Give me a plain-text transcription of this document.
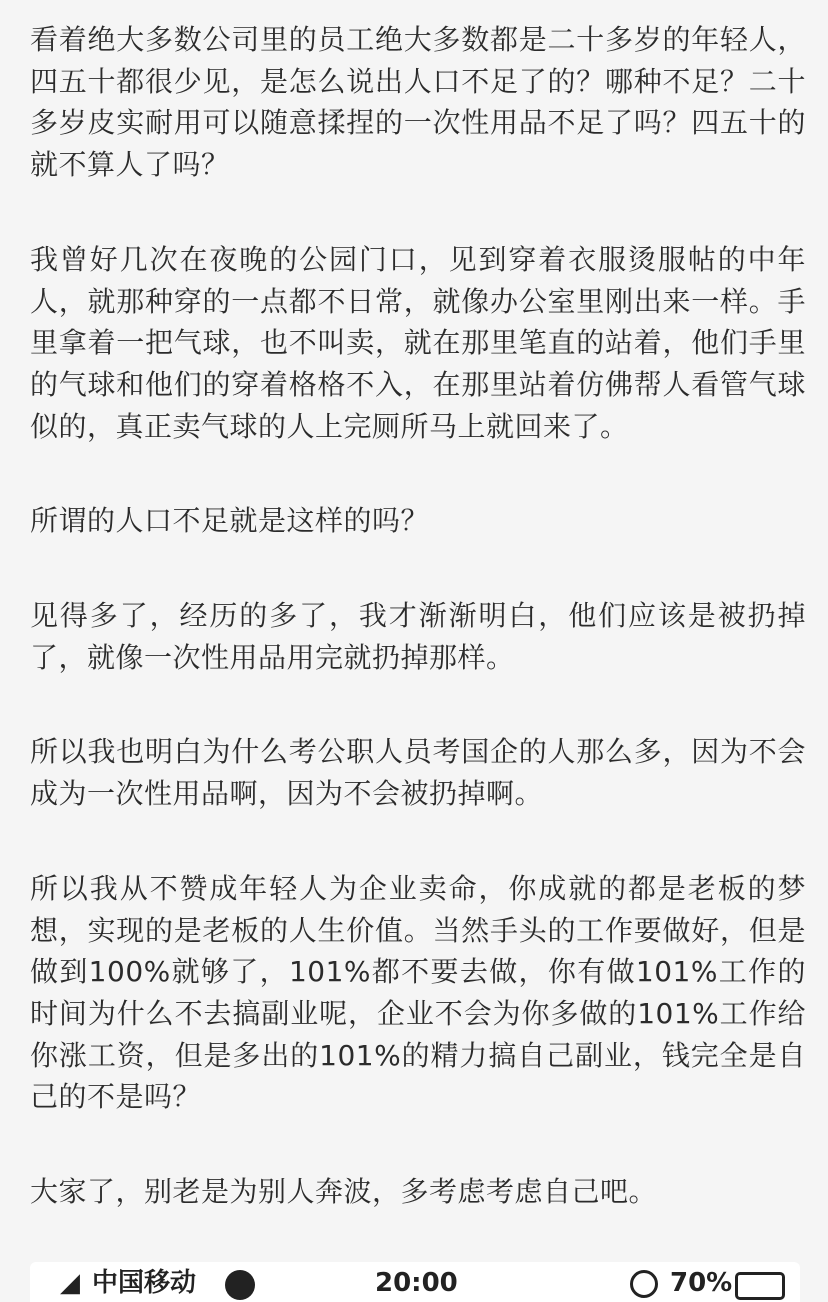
看着绝大多数公司里的员工绝大多数都是二十多岁的年轻人，四五十都很少见，是怎么说出人口不足了的？哪种不足？二十多岁皮实耐用可以随意揉捏的一次性用品不足了吗？四五十的就不算人了吗？

我曾好几次在夜晚的公园门口，见到穿着衣服烫服帖的中年人，就那种穿的一点都不日常，就像办公室里刚出来一样。手里拿着一把气球，也不叫卖，就在那里笔直的站着，他们手里的气球和他们的穿着格格不入，在那里站着仿佛帮人看管气球似的，真正卖气球的人上完厕所马上就回来了。

所谓的人口不足就是这样的吗？

见得多了，经历的多了，我才渐渐明白，他们应该是被扔掉了，就像一次性用品用完就扔掉那样。

所以我也明白为什么考公职人员考国企的人那么多，因为不会成为一次性用品啊，因为不会被扔掉啊。

所以我从不赞成年轻人为企业卖命，你成就的都是老板的梦想，实现的是老板的人生价值。当然手头的工作要做好，但是做到100%就够了，101%都不要去做，你有做101%工作的时间为什么不去搞副业呢，企业不会为你多做的101%工作给你涨工资，但是多出的101%的精力搞自己副业，钱完全是自己的不是吗？

大家了，别老是为别人奔波，多考虑考虑自己吧。

◢ 中国移动	20:00	70%
